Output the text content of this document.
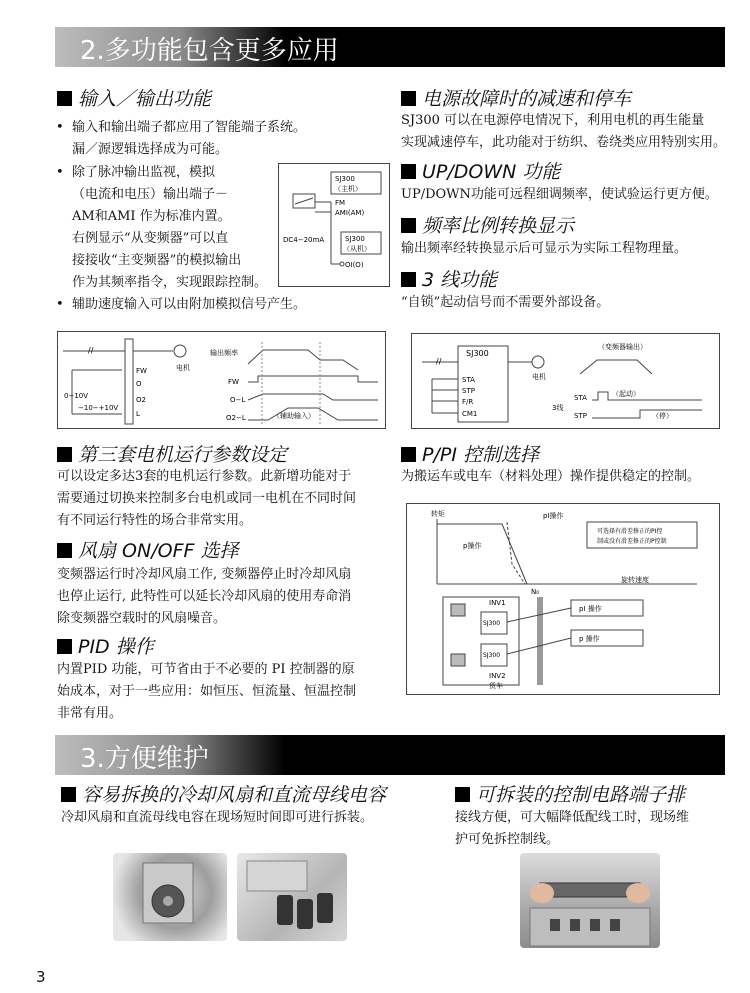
2.多功能包含更多应用
输入／输出功能
• 输入和输出端子都应用了智能端子系统。
漏／源逻辑选择成为可能。
• 除了脉冲输出监视，模拟
（电流和电压）输出端子－
AM和AMI 作为标准内置。
右例显示“从变频器”可以直
接接收“主变频器”的模拟输出
作为其频率指令，实现跟踪控制。
• 辅助速度输入可以由附加模拟信号产生。
SJ300
（主机）
FM
AMI(AM)
DC4−20mA	SJ300
（从机）
OI(O)
//
电机
FW
O
O2
L
0−10V
−10−+10V
输出频率
FW
O−L
O2−L	（辅助输入）
电源故障时的减速和停车
SJ300 可以在电源停电情况下，利用电机的再生能量
实现减速停车，此功能对于纺织、卷绕类应用特别实用。
UP/DOWN 功能
UP/DOWN功能可远程细调频率，使试验运行更方便。
频率比例转换显示
输出频率经转换显示后可显示为实际工程物理量。
3 线功能
“自锁”起动信号而不需要外部设备。
SJ300
//
电机
STA
STP
F/R
CM1
（变频器输出）
STA	（起动）
3线
STP	（停）
第三套电机运行参数设定
可以设定多达3套的电机运行参数。此新增功能对于
需要通过切换来控制多台电机或同一电机在不同时间
有不同运行特性的场合非常实用。
风扇 ON/OFF 选择
变频器运行时冷却风扇工作, 变频器停止时冷却风扇
也停止运行, 此特性可以延长冷却风扇的使用寿命消
除变频器空载时的风扇噪音。
PID 操作
内置PID 功能，可节省由于不必要的 PI 控制器的原
始成本，对于一些应用：如恒压、恒流量、恒温控制
非常有用。
P/PI 控制选择
为搬运车或电车（材料处理）操作提供稳定的控制。
转矩	pI操作
p操作
可选择有滑差修正的PI控
制或没有滑差修正的P控制
旋转速度
N₀
INV1
SJ300
SJ300
INV2
货车
pI 操作
p 操作
3.方便维护
容易拆换的冷却风扇和直流母线电容
冷却风扇和直流母线电容在现场短时间即可进行拆装。
可拆装的控制电路端子排
接线方便，可大幅降低配线工时，现场维
护可免拆控制线。
3
